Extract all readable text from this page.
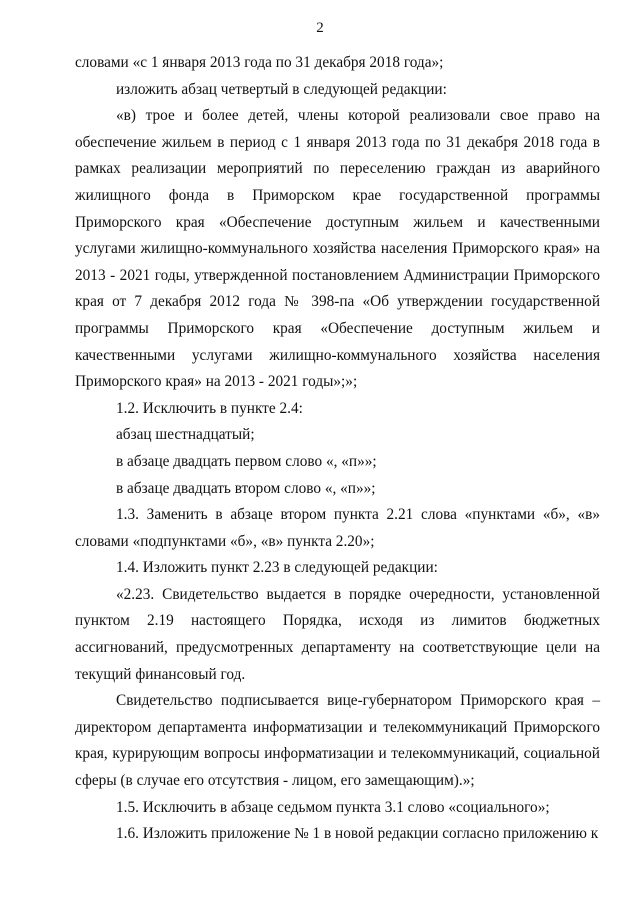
2

словами «с 1 января 2013 года по 31 декабря 2018 года»;

изложить абзац четвертый в следующей редакции:

«в) трое и более детей, члены которой реализовали свое право на обеспечение жильем в период с 1 января 2013 года по 31 декабря 2018 года в рамках реализации мероприятий по переселению граждан из аварийного жилищного фонда в Приморском крае государственной программы Приморского края «Обеспечение доступным жильем и качественными услугами жилищно-коммунального хозяйства населения Приморского края» на 2013 - 2021 годы, утвержденной постановлением Администрации Приморского края от 7 декабря 2012 года № 398-па «Об утверждении государственной программы Приморского края «Обеспечение доступным жильем и качественными услугами жилищно-коммунального хозяйства населения Приморского края» на 2013 - 2021 годы»;»;

1.2. Исключить в пункте 2.4:

абзац шестнадцатый;

в абзаце двадцать первом слово «, «п»»;

в абзаце двадцать втором слово «, «п»»;

1.3. Заменить в абзаце втором пункта 2.21 слова «пунктами «б», «в» словами «подпунктами «б», «в» пункта 2.20»;

1.4. Изложить пункт 2.23 в следующей редакции:

«2.23. Свидетельство выдается в порядке очередности, установленной пунктом 2.19 настоящего Порядка, исходя из лимитов бюджетных ассигнований, предусмотренных департаменту на соответствующие цели на текущий финансовый год.

Свидетельство подписывается вице-губернатором Приморского края – директором департамента информатизации и телекоммуникаций Приморского края, курирующим вопросы информатизации и телекоммуникаций, социальной сферы (в случае его отсутствия - лицом, его замещающим).»;

1.5. Исключить в абзаце седьмом пункта 3.1 слово «социального»;

1.6. Изложить приложение № 1 в новой редакции согласно приложению к
